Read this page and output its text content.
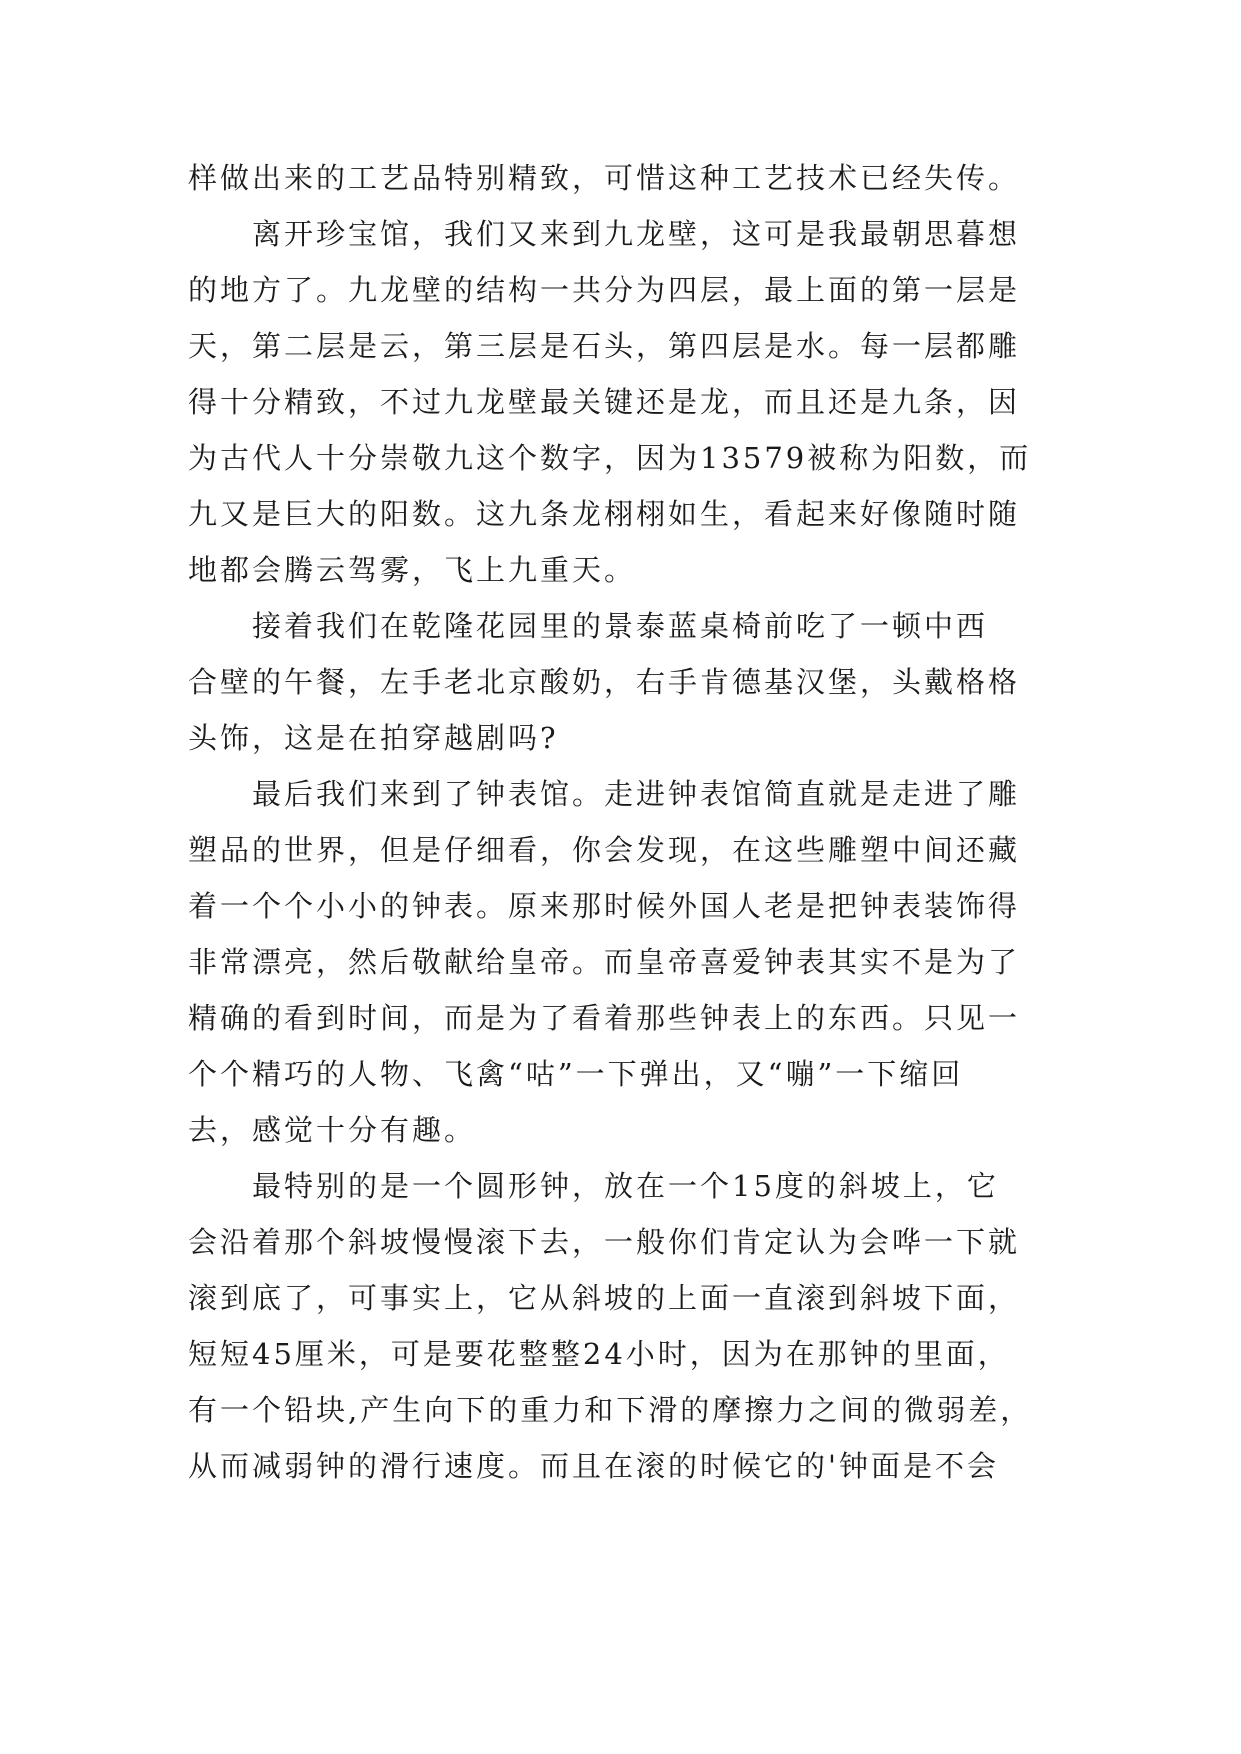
样做出来的工艺品特别精致，可惜这种工艺技术已经失传。
离开珍宝馆，我们又来到九龙壁，这可是我最朝思暮想
的地方了。九龙壁的结构一共分为四层，最上面的第一层是
天，第二层是云，第三层是石头，第四层是水。每一层都雕
得十分精致，不过九龙壁最关键还是龙，而且还是九条，因
为古代人十分崇敬九这个数字，因为13579被称为阳数，而
九又是巨大的阳数。这九条龙栩栩如生，看起来好像随时随
地都会腾云驾雾，飞上九重天。
接着我们在乾隆花园里的景泰蓝桌椅前吃了一顿中西
合壁的午餐，左手老北京酸奶，右手肯德基汉堡，头戴格格
头饰，这是在拍穿越剧吗?
最后我们来到了钟表馆。走进钟表馆简直就是走进了雕
塑品的世界，但是仔细看，你会发现，在这些雕塑中间还藏
着一个个小小的钟表。原来那时候外国人老是把钟表装饰得
非常漂亮，然后敬献给皇帝。而皇帝喜爱钟表其实不是为了
精确的看到时间，而是为了看着那些钟表上的东西。只见一
个个精巧的人物、飞禽“咕”一下弹出，又“嘣”一下缩回
去，感觉十分有趣。
最特别的是一个圆形钟，放在一个15度的斜坡上，它
会沿着那个斜坡慢慢滚下去，一般你们肯定认为会哗一下就
滚到底了，可事实上，它从斜坡的上面一直滚到斜坡下面，
短短45厘米，可是要花整整24小时，因为在那钟的里面，
有一个铅块,产生向下的重力和下滑的摩擦力之间的微弱差，
从而减弱钟的滑行速度。而且在滚的时候它的'钟面是不会
